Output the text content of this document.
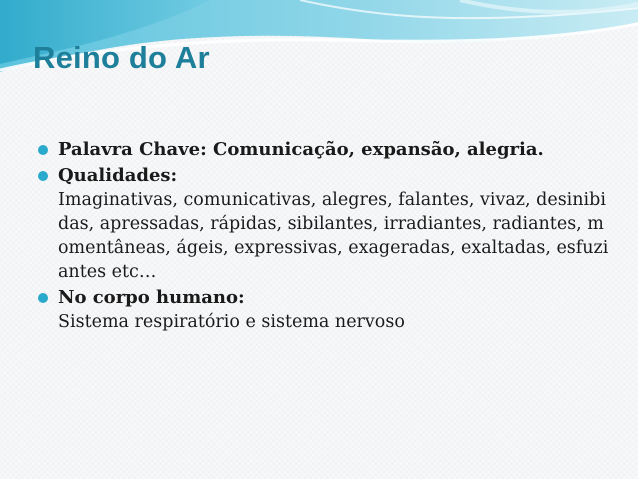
Reino do Ar
Palavra Chave: Comunicação, expansão, alegria.
Qualidades:
Imaginativas, comunicativas, alegres, falantes, vivaz, desinibidas, apressadas, rápidas, sibilantes, irradiantes, radiantes, momentâneas, ágeis, expressivas, exageradas, exaltadas, esfuziantes etc…
No corpo humano:
Sistema respiratório e sistema nervoso
